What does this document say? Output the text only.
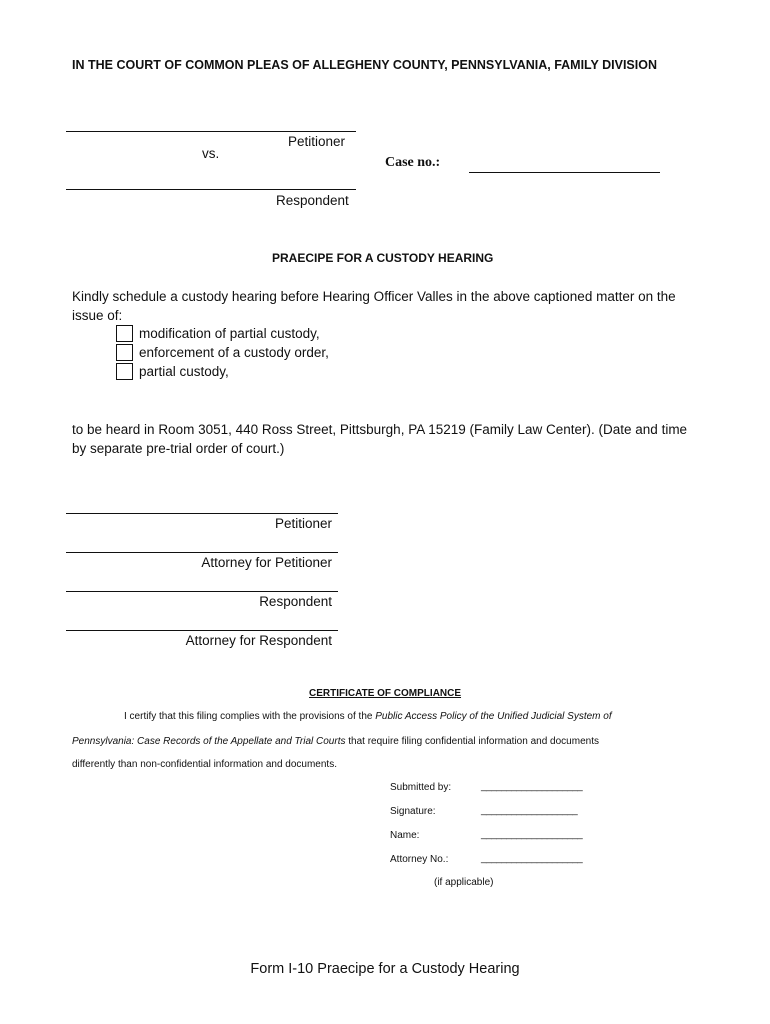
IN THE COURT OF COMMON PLEAS OF ALLEGHENY COUNTY, PENNSYLVANIA, FAMILY DIVISION
Petitioner
vs.
Case no.:
Respondent
PRAECIPE FOR A CUSTODY HEARING
Kindly schedule a custody hearing before Hearing Officer Valles in the above captioned matter on the
issue of:
modification of partial custody,
enforcement of a custody order,
partial custody,
to be heard in Room 3051, 440 Ross Street, Pittsburgh, PA 15219 (Family Law Center). (Date and time
by separate pre-trial order of court.)
Petitioner
Attorney for Petitioner
Respondent
Attorney for Respondent
CERTIFICATE OF COMPLIANCE
I certify that this filing complies with the provisions of the Public Access Policy of the Unified Judicial System of
Pennsylvania: Case Records of the Appellate and Trial Courts that require filing confidential information and documents
differently than non-confidential information and documents.
Submitted by:	____________________
Signature:	___________________
Name:	____________________
Attorney No.:	____________________
(if applicable)
Form I-10 Praecipe for a Custody Hearing
